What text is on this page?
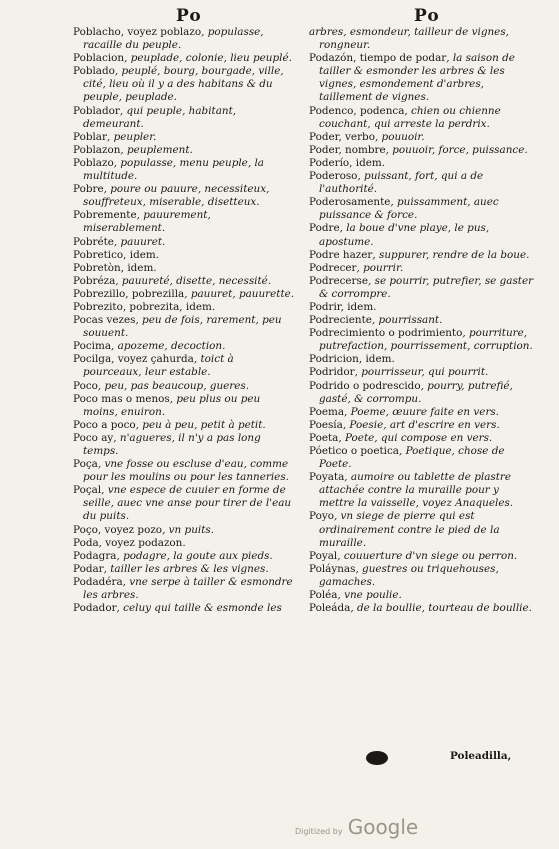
Po	Po

Poblacho, voyez poblazo, populasse, racaille du peuple.

Poblacion, peuplade, colonie, lieu peuplé.

Poblado, peuplé, bourg, bourgade, ville, cité, lieu où il y a des habitans & du peuple, peuplade.

Poblador, qui peuple, habitant, demeurant.

Poblar, peupler.

Poblazon, peuplement.

Poblazo, populasse, menu peuple, la multitude.

Pobre, poure ou pauure, necessiteux, souffreteux, miserable, disetteux.

Pobremente, pauurement, miserablement.

Pobréte, pauuret.

Pobretico, idem.

Pobretòn, idem.

Pobréza, pauureté, disette, necessité.

Pobrezillo, pobrezilla, pauuret, pauurette.

Pobrezito, pobrezita, idem.

Pocas vezes, peu de fois, rarement, peu souuent.

Pocima, apozeme, decoction.

Pocilga, voyez çahurda, toict à pourceaux, leur estable.

Poco, peu, pas beaucoup, gueres.

Poco mas o menos, peu plus ou peu moins, enuiron.

Poco a poco, peu à peu, petit à petit.

Poco ay, n'agueres, il n'y a pas long temps.

Poça, vne fosse ou escluse d'eau, comme pour les moulins ou pour les tanneries.

Poçal, vne espece de cuuier en forme de seille, auec vne anse pour tirer de l'eau du puits.

Poço, voyez pozo, vn puits.

Poda, voyez podazon.

Podagra, podagre, la goute aux pieds.

Podar, tailler les arbres & les vignes.

Podadéra, vne serpe à tailler & esmondre les arbres.

Podador, celuy qui taille & esmonde les

arbres, esmondeur, tailleur de vignes, rongneur.

Podazón, tiempo de podar, la saison de tailler & esmonder les arbres & les vignes, esmondement d'arbres, taillement de vignes.

Podenco, podenca, chien ou chienne couchant, qui arreste la perdrix.

Poder, verbo, pouuoir.

Poder, nombre, pouuoir, force, puissance.

Poderío, idem.

Poderoso, puissant, fort, qui a de l'authorité.

Poderosamente, puissamment, auec puissance & force.

Podre, la boue d'vne playe, le pus, apostume.

Podre hazer, suppurer, rendre de la boue.

Podrecer, pourrir.

Podrecerse, se pourrir, putrefier, se gaster & corrompre.

Podrir, idem.

Podreciente, pourrissant.

Podrecimiento o podrimiento, pourriture, putrefaction, pourrissement, corruption.

Podricion, idem.

Podridor, pourrisseur, qui pourrit.

Podrido o podrescido, pourry, putrefié, gasté, & corrompu.

Poema, Poeme, œuure faite en vers.

Poesía, Poesie, art d'escrire en vers.

Poeta, Poete, qui compose en vers.

Póetico o poetica, Poetique, chose de Poete.

Poyata, aumoire ou tablette de plastre attachée contre la muraille pour y mettre la vaisselle, voyez Anaqueles.

Poyo, vn siege de pierre qui est ordinairement contre le pied de la muraille.

Poyal, couuerture d'vn siege ou perron.

Poláynas, guestres ou triquehouses, gamaches.

Poléa, vne poulie.

Poleáda, de la boullie, tourteau de boullie.

Poleadilla,
Digitized by Google
